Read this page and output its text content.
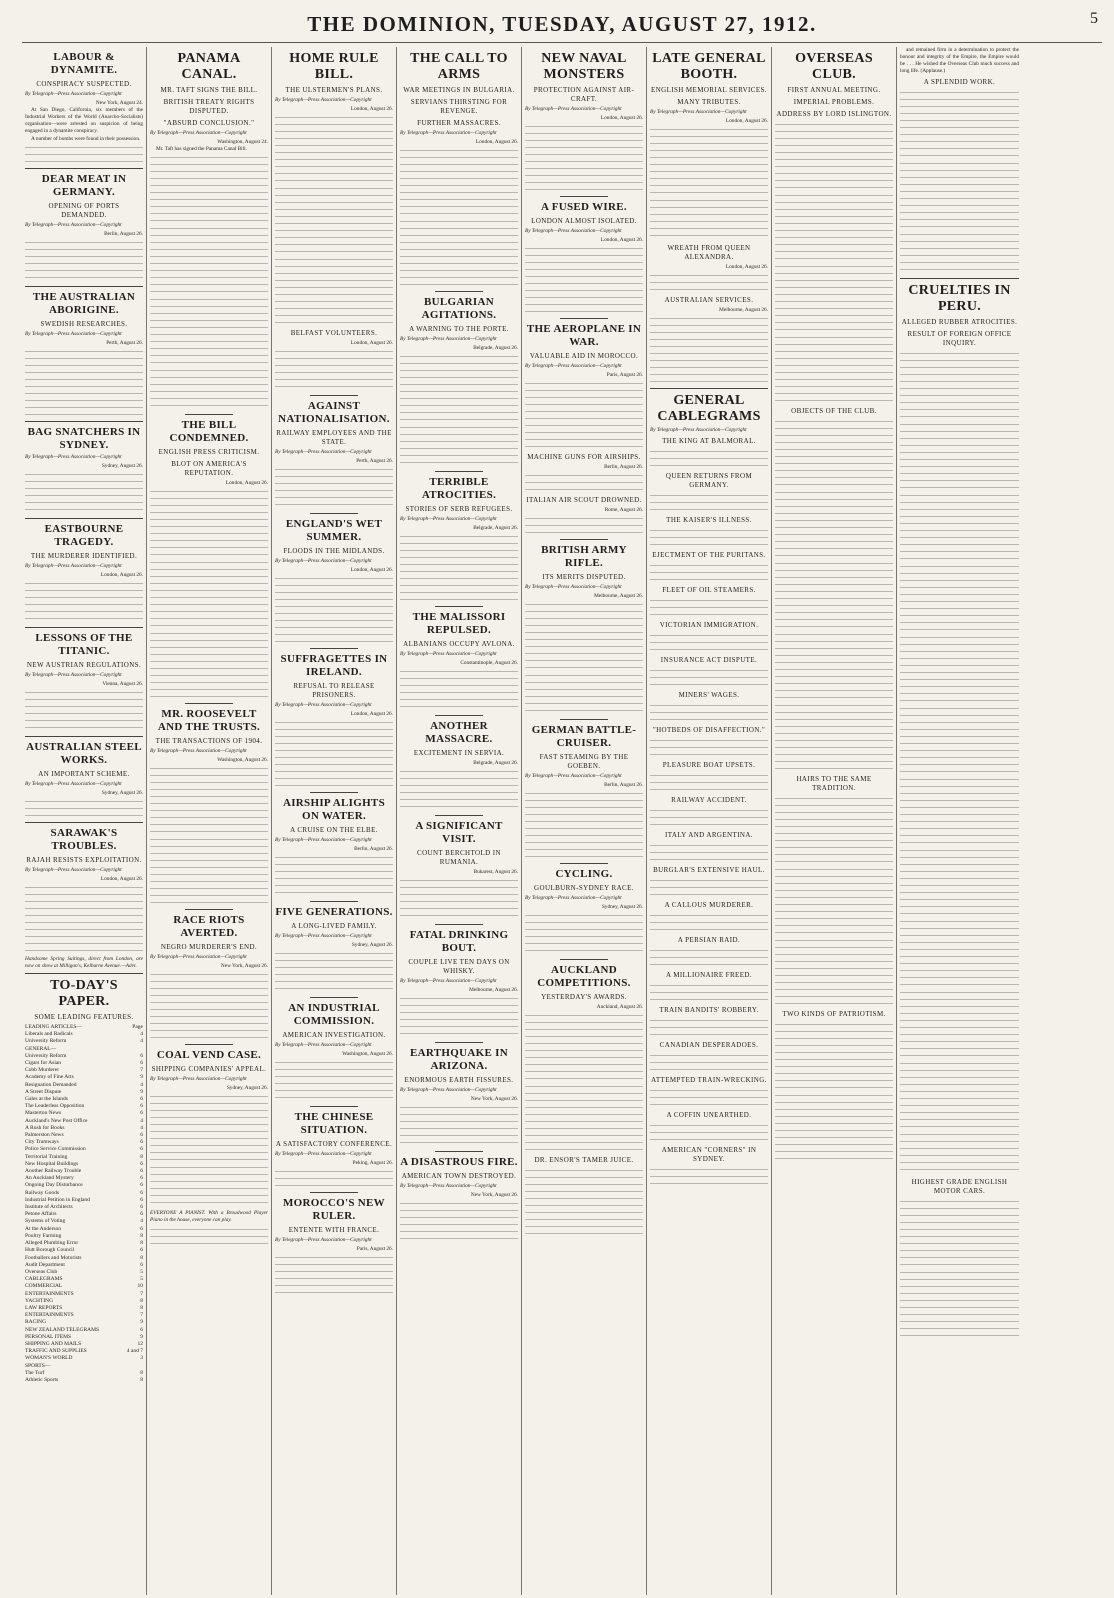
THE DOMINION, TUESDAY, AUGUST 27, 1912.	5
LABOUR & DYNAMITE.
CONSPIRACY SUSPECTED.
By Telegraph—Press Association—Copyright
New York, August 24.

At San Diego, California, six members of the Industrial Workers of the World (Anarcho-Socialists) organisation—were arrested on suspicion of being engaged in a dynamite conspiracy.

A number of bombs were found in their possession.

DEAR MEAT IN GERMANY.
OPENING OF PORTS DEMANDED.
By Telegraph—Press Association—Copyright
Berlin, August 26.
THE AUSTRALIAN ABORIGINE.
SWEDISH RESEARCHES.
By Telegraph—Press Association—Copyright
Perth, August 26.
BAG SNATCHERS IN SYDNEY.
By Telegraph—Press Association—Copyright
Sydney, August 26.
EASTBOURNE TRAGEDY.
THE MURDERER IDENTIFIED.
By Telegraph—Press Association—Copyright
London, August 26.
LESSONS OF THE TITANIC.
NEW AUSTRIAN REGULATIONS.
By Telegraph—Press Association—Copyright
Vienna, August 26.
AUSTRALIAN STEEL WORKS.
AN IMPORTANT SCHEME.
By Telegraph—Press Association—Copyright
Sydney, August 26.
SARAWAK'S TROUBLES.
RAJAH RESISTS EXPLOITATION.
By Telegraph—Press Association—Copyright
London, August 26.
Handsome Spring Suitings, direct from London, are now on show at Milligan's, Kelburne Avenue.—Advt.
TO-DAY'S PAPER.
SOME LEADING FEATURES.
LEADING ARTICLES—	Page
Liberals and Radicals	4
University Reform	4
GENERAL—
University Reform	6
Cigars for Asian	6
Cobb Murderer	7
Academy of Fine Arts	9
Resignation Demanded	4
A Street Dispute	9
Gales at the Islands	6
The Leaderless Opposition	6
Masterton News	6
Auckland's New Post Office	4
A Rush for Books	4
Palmerston News	6
City Tramways	6
Police Service Commission	6
Territorial Training	8
New Hospital Buildings	6
Another Railway Trouble	6
An Auckland Mystery	6
Ongoing Day Disturbance	6
Railway Goods	6
Industrial Petition in England	6
Institute of Architects	6
Petone Affairs	6
Systems of Voting	4
At the Anderson	6
Poultry Farming	8
Alleged Plumbing Error	8
Hutt Borough Council	6
Footballers and Motorists	8
Audit Department	6
Overseas Club	5
CABLEGRAMS	5
COMMERCIAL	10
ENTERTAINMENTS	7
YACHTING	8
LAW REPORTS	8
ENTERTAINMENTS	7
RACING	9
NEW ZEALAND TELEGRAMS	6
PERSONAL ITEMS	9
SHIPPING AND MAILS	12
TRAFFIC AND SUPPLIES	4 and 7
WOMAN'S WORLD	3
SPORTS—
The Turf	8
Athletic Sports	8
PANAMA CANAL.
MR. TAFT SIGNS THE BILL.
BRITISH TREATY RIGHTS DISPUTED.
"ABSURD CONCLUSION."
By Telegraph—Press Association—Copyright
Washington, August 24.

Mr. Taft has signed the Panama Canal Bill.

THE BILL CONDEMNED.
ENGLISH PRESS CRITICISM.
BLOT ON AMERICA'S REPUTATION.
London, August 26.
MR. ROOSEVELT AND THE TRUSTS.
THE TRANSACTIONS OF 1904.
By Telegraph—Press Association—Copyright
Washington, August 26.
RACE RIOTS AVERTED.
NEGRO MURDERER'S END.
By Telegraph—Press Association—Copyright
New York, August 26.
COAL VEND CASE.
SHIPPING COMPANIES' APPEAL.
By Telegraph—Press Association—Copyright
Sydney, August 26.
EVERYONE A PIANIST. With a Broadwood Player Piano in the house, everyone can play.
HOME RULE BILL.
THE ULSTERMEN'S PLANS.
By Telegraph—Press Association—Copyright
London, August 26.
BELFAST VOLUNTEERS.
London, August 26.
AGAINST NATIONALISATION.
RAILWAY EMPLOYEES AND THE STATE.
By Telegraph—Press Association—Copyright
Perth, August 26.
ENGLAND'S WET SUMMER.
FLOODS IN THE MIDLANDS.
By Telegraph—Press Association—Copyright
London, August 26.
SUFFRAGETTES IN IRELAND.
REFUSAL TO RELEASE PRISONERS.
By Telegraph—Press Association—Copyright
London, August 26.
AIRSHIP ALIGHTS ON WATER.
A CRUISE ON THE ELBE.
By Telegraph—Press Association—Copyright
Berlin, August 26.
FIVE GENERATIONS.
A LONG-LIVED FAMILY.
By Telegraph—Press Association—Copyright
Sydney, August 26.
AN INDUSTRIAL COMMISSION.
AMERICAN INVESTIGATION.
By Telegraph—Press Association—Copyright
Washington, August 26.
THE CHINESE SITUATION.
A SATISFACTORY CONFERENCE.
By Telegraph—Press Association—Copyright
Peking, August 26.
MOROCCO'S NEW RULER.
ENTENTE WITH FRANCE.
By Telegraph—Press Association—Copyright
Paris, August 26.
THE CALL TO ARMS
WAR MEETINGS IN BULGARIA.
SERVIANS THIRSTING FOR REVENGE.
FURTHER MASSACRES.
By Telegraph—Press Association—Copyright
London, August 26.
BULGARIAN AGITATIONS.
A WARNING TO THE PORTE.
By Telegraph—Press Association—Copyright
Belgrade, August 26.
TERRIBLE ATROCITIES.
STORIES OF SERB REFUGEES.
By Telegraph—Press Association—Copyright
Belgrade, August 26.
THE MALISSORI REPULSED.
ALBANIANS OCCUPY AVLONA.
By Telegraph—Press Association—Copyright
Constantinople, August 26.
ANOTHER MASSACRE.
EXCITEMENT IN SERVIA.
Belgrade, August 26.
A SIGNIFICANT VISIT.
COUNT BERCHTOLD IN RUMANIA.
Bukarest, August 26.
FATAL DRINKING BOUT.
COUPLE LIVE TEN DAYS ON WHISKY.
By Telegraph—Press Association—Copyright
Melbourne, August 26.
EARTHQUAKE IN ARIZONA.
ENORMOUS EARTH FISSURES.
By Telegraph—Press Association—Copyright
New York, August 26.
A DISASTROUS FIRE.
AMERICAN TOWN DESTROYED.
By Telegraph—Press Association—Copyright
New York, August 26.
NEW NAVAL MONSTERS
PROTECTION AGAINST AIR-CRAFT.
By Telegraph—Press Association—Copyright
London, August 26.
A FUSED WIRE.
LONDON ALMOST ISOLATED.
By Telegraph—Press Association—Copyright
London, August 26.
THE AEROPLANE IN WAR.
VALUABLE AID IN MOROCCO.
By Telegraph—Press Association—Copyright
Paris, August 26.
MACHINE GUNS FOR AIRSHIPS.
Berlin, August 26.
ITALIAN AIR SCOUT DROWNED.
Rome, August 26.
BRITISH ARMY RIFLE.
ITS MERITS DISPUTED.
By Telegraph—Press Association—Copyright
Melbourne, August 26.
GERMAN BATTLE-CRUISER.
FAST STEAMING BY THE GOEBEN.
By Telegraph—Press Association—Copyright
Berlin, August 26.
CYCLING.
GOULBURN-SYDNEY RACE.
By Telegraph—Press Association—Copyright
Sydney, August 26.
AUCKLAND COMPETITIONS.
YESTERDAY'S AWARDS.
Auckland, August 26.
DR. ENSOR'S TAMER JUICE.
LATE GENERAL BOOTH.
ENGLISH MEMORIAL SERVICES.
MANY TRIBUTES.
By Telegraph—Press Association—Copyright
London, August 26.
WREATH FROM QUEEN ALEXANDRA.
London, August 26.
AUSTRALIAN SERVICES.
Melbourne, August 26.
GENERAL CABLEGRAMS
By Telegraph—Press Association—Copyright
THE KING AT BALMORAL.
QUEEN RETURNS FROM GERMANY.
THE KAISER'S ILLNESS.
EJECTMENT OF THE PURITANS.
FLEET OF OIL STEAMERS.
VICTORIAN IMMIGRATION.
INSURANCE ACT DISPUTE.
MINERS' WAGES.
"HOTBEDS OF DISAFFECTION."
PLEASURE BOAT UPSETS.
RAILWAY ACCIDENT.
ITALY AND ARGENTINA.
BURGLAR'S EXTENSIVE HAUL.
A CALLOUS MURDERER.
A PERSIAN RAID.
A MILLIONAIRE FREED.
TRAIN BANDITS' ROBBERY.
CANADIAN DESPERADOES.
ATTEMPTED TRAIN-WRECKING.
A COFFIN UNEARTHED.
AMERICAN "CORNERS" IN SYDNEY.
OVERSEAS CLUB.
FIRST ANNUAL MEETING.
IMPERIAL PROBLEMS.
ADDRESS BY LORD ISLINGTON.
OBJECTS OF THE CLUB.
HAIRS TO THE SAME TRADITION.
TWO KINDS OF PATRIOTISM.

and remained firm in a determination to protect the honour and integrity of the Empire, the Empire would be . . . He wished the Overseas Club much success and long life. (Applause.)

A SPLENDID WORK.
CRUELTIES IN PERU.
ALLEGED RUBBER ATROCITIES.
RESULT OF FOREIGN OFFICE INQUIRY.
HIGHEST GRADE ENGLISH MOTOR CARS.
